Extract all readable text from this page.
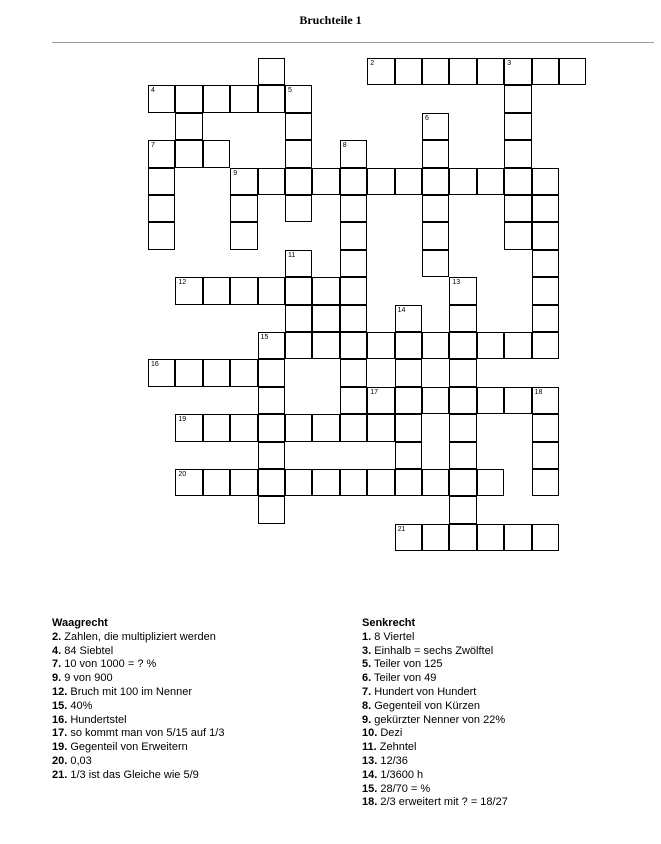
Bruchteile 1
2	3
4	5
6
7	8
9
11
12	13
14
15
16
17	18
19
20
21
Waagrecht
2. Zahlen, die multipliziert werden
4. 84 Siebtel
7. 10 von 1000 = ? %
9. 9 von 900
12. Bruch mit 100 im Nenner
15. 40%
16. Hundertstel
17. so kommt man von 5/15 auf 1/3
19. Gegenteil von Erweitern
20. 0,03
21. 1/3 ist das Gleiche wie 5/9
Senkrecht
1. 8 Viertel
3. Einhalb = sechs Zwölftel
5. Teiler von 125
6. Teiler von 49
7. Hundert von Hundert
8. Gegenteil von Kürzen
9. gekürzter Nenner von 22%
10. Dezi
11. Zehntel
13. 12/36
14. 1/3600 h
15. 28/70 = %
18. 2/3 erweitert mit ? = 18/27
